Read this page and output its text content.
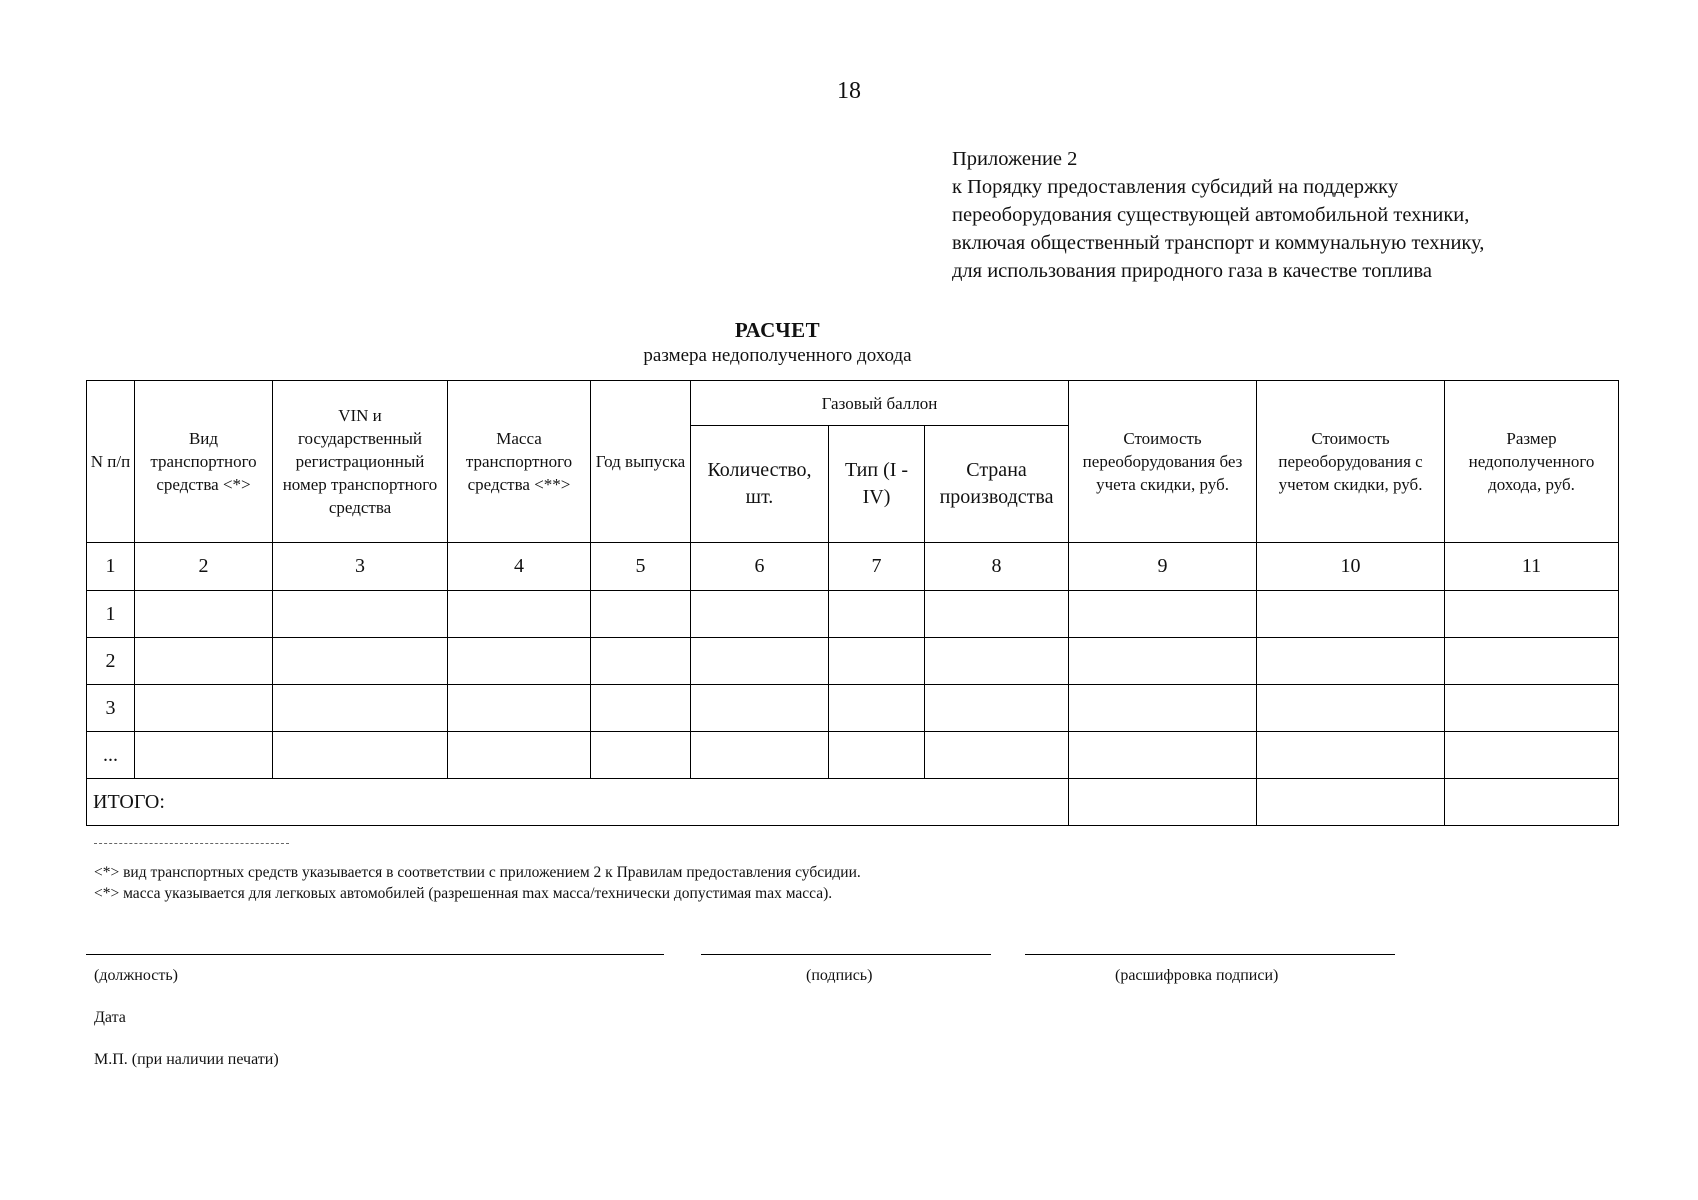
18
Приложение 2
к Порядку предоставления субсидий на поддержку
переоборудования существующей автомобильной техники,
включая общественный транспорт и коммунальную технику,
для использования природного газа в качестве топлива
РАСЧЕТ
размера недополученного дохода
N п/п	Вид транспортного средства <*>	VIN и государственный регистрационный номер транспортного средства	Масса транспортного средства <**>	Год выпуска	Газовый баллон			Стоимость переоборудования без учета скидки, руб.	Стоимость переоборудования с учетом скидки, руб.	Размер недополученного дохода, руб.
					Количество, шт.	Тип (I - IV)	Страна производства			
1	2	3	4	5	6	7	8	9	10	11
1										
2										
3										
...										
ИТОГО:										
<*> вид транспортных средств указывается в соответствии с приложением 2 к Правилам предоставления субсидии.
<*> масса указывается для легковых автомобилей (разрешенная max масса/технически допустимая max масса).
(должность)	(подпись)	(расшифровка подписи)
Дата
М.П. (при наличии печати)
